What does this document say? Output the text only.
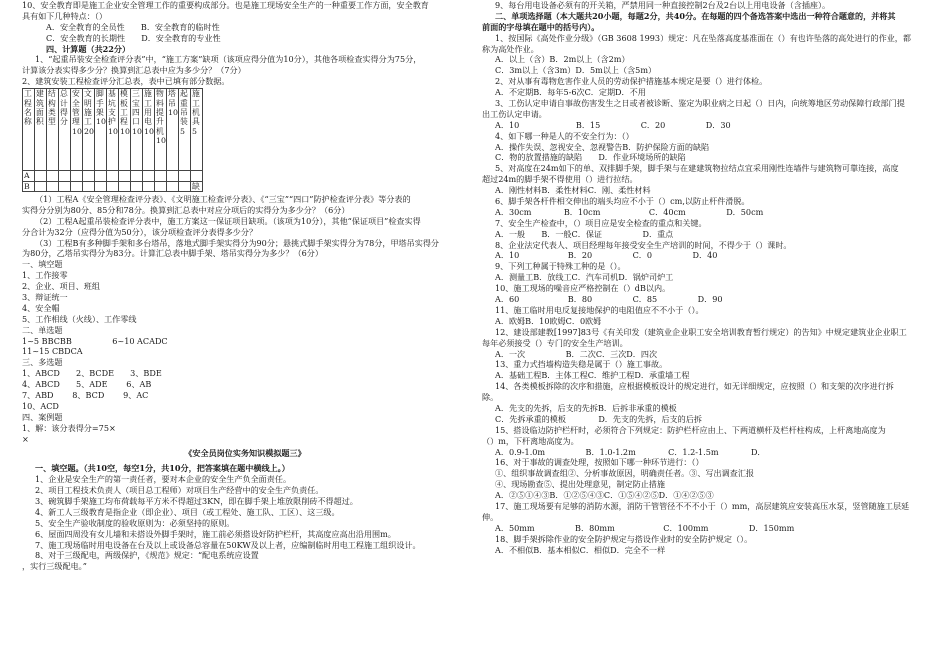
10、安全教育即是施工企业安全管理工作的重要构成部分。也是施工现场安全生产的一种重要工作方面，安全教育
具有如下几种特点：（）
A．安全教育的全员性　　B．安全教育的临时性
C．安全教育的长期性　　D．安全教育的专业性
四、计算题（共22分）
1、“起重吊装安全检查评分表”中，“施工方案”缺项（该项应得分值为10分），其他各项检查实得分为75分，
计算该分表实得多少分？换算到汇总表中应为多少分？（7分）
2、建筑安装工程检查评分汇总表，表中已填有部分数据。
工程名称	建筑面积	结构类型	总计得分	安全管理10	文明施工20	脚手架10	基坑支护10	模板工程10	三宝四口10	施工用电10	物料提升机10	塔吊10	起重吊装5	施工机具5
A														
B														缺
（1）工程A《安全管理检查评分表》、《文明施工检查评分表》、《“三宝”“四口”防护检查评分表》等分表的
实得分分别为80分、85分和78分。换算到汇总表中对应分项后的实得分为多少分？（6分）
（2）工程A起重吊装检查评分表中，施工方案这一保证项目缺项。（该项为10分），其他“保证项目”检查实得
分合计为32分（应得分值为50分），该分项检查评分表得多少分？
（3）工程B有多种脚手架和多台塔吊，落地式脚手架实得分为90分；悬挑式脚手架实得分为78分，甲塔吊实得分
为80分，乙塔吊实得分为83分。计算汇总表中脚手架、塔吊实得分为多少？（6分）
一、填空题
1、工作接零
2、企业、项目、班组
3、辩证统一
4、安全帽
5、工作相线（火线）、工作零线
二、单选题
1~5 BBCBB　　　　　6~10 ACADC
11~15 CBDCA
三、多选题
1、ABCD　　2、BCDE　　3、BDE
4、ABCD　　5、ADE　　 6、AB
7、ABD　　 8、BCD　　 9、AC
10、ACD
四、案例题
1、解：该分表得分=75×
×
《安全员岗位实务知识模拟题三》
一、填空题。（共10空，每空1分，共10分，把答案填在题中横线上。）
1、企业是安全生产的第一责任者，要对本企业的安全生产负全面责任。
2、项目工程技术负责人（项目总工程师）对项目生产经营中的安全生产负责任。
3、碗筑脚手架施工均布荷载每平方米不得超过3KN，即在脚手架上堆放限削砖不得超过。
4、新工人三级教育是指企业（即企业）、项目（或工程处、施工队、工区）、这三级。
5、安全生产验收制度的验收原则为：必须坚持的原则。
6、屋面四周没有女儿墙和未搭设外脚手架时，施工前必须搭设好防护栏杆，其高度应高出沿用围m。
7、施工现场临时用电设备在台及以上或设备总容量在50KW及以上者，应编制临时用电工程施工组织设计。
8、对于三级配电，两级保护，《规范》规定：“配电系统应设置
，实行三级配电。”
9、每台用电设备必须有的开关箱，严禁用同一种直接控制2台及2台以上用电设备（含插座）。
二、单项选择题（本大题共20小题，每题2分，共40分。在每题的四个备选答案中选出一种符合题意的，并将其
前面的字母填在题中的括号内）。
1、按国际《高处作业分级》（GB 3608 1993）规定：凡在坠落高度基准面在（）有也许坠落的高处进行的作业，都
称为高处作业。
A．以上（含）B．2m以上（含2m）
C．3m以上（含3m）D．5m以上（含5m）
2、对从事有毒物危害作业人员的劳动保护措施基本规定是要（）进行体检。
A．不定期B．每年5-6次C．定期D．不用
3、工伤认定申请自事故伤害发生之日或者被诊断、鉴定为职业病之日起（）日内，向统筹地区劳动保障行政部门提
出工伤认定申请。
A．10　　　　　　　B．15　　　　　C．20　　　　　D．30
4、如下哪一种是人的不安全行为：（）
A．操作失误、忽视安全、忽视警告B．防护保险方面的缺陷
C．物的放置措施的缺陷　　D．作业环境场所的缺陷
5、对高度在24m如下的单、双排脚手架，脚手架与在建建筑物拉结点宜采用刚性连墙件与建筑物可靠连接，高度
超过24m的脚手架不得使用（）进行拉结。
A．刚性材料B．柔性材料C．刚、柔性材料
6、脚手架各杆件相交伸出的端头均应不小于（）cm,以防止杆件滑脱。
A．30cm　　　　B．10cm　　　　　　C．40cm　　　　　D．50cm
7、安全生产检查中，（）项目应是安全检查的重点和关键。
A．一般　　B．一般C．保证　　　　　D．重点
8、企业法定代表人、项目经理每年接受安全生产培训的时间，不得少于（）课时。
A．10　　　　　　B．20　　　　　C．0　　　　　D．40
9、下列工种属于特殊工种的是（）。
A．测量工B．放线工C．汽车司机D．锅炉司炉工
10、施工现场的噪音应严格控制在（）dB以内。
A．60　　　　　　B．80　　　　　C．85　　　　　D．90
11、施工临时用电反复接地保护的电阻值应不不小于（）。
A．欧姆B．10欧姆C．0欧姆
12、建设部建教[1997]83号《有关印发（建筑业企业职工安全培训教育暂行规定）的告知》中规定建筑业企业职工
每年必须接受（）专门的安全生产培训。
A．一次　　　　　B．二次C．三次D．四次
13、重力式挡墙构造失稳是属于（）施工事故。
A．基础工程B．主体工程C．维护工程D．承重墙工程
14、各类模板拆除的次序和措施，应根据模板设计的规定进行，如无详细规定，应按照（）和支架的次序进行拆
除。
A．先支的先拆，后支的先拆B．后拆非承重的模板
C．先拆承重的模板　　　　D．先支的先拆，后支的后拆
15、搭设临边防护栏杆时，必须符合下列规定：防护栏杆应由上、下两道横杆及栏杆柱构成，上杆离地高度为
（）m，下杆离地高度为。
A．0.9-1.0m　　　　　B．1.0-1.2m　　　　C．1.2-1.5m　　　　D．
16、对于事故的调查处理，按照如下哪一种环节进行：（）
①、组织事故调查组②、分析事故原因，明确责任者。③、写出调查汇报
④、现场勘查⑤、提出处理意见，制定防止措施
A．②⑤①④③B．①②⑤④③C．①⑤④②⑤D．①④②⑤③
17、施工现场要有足够的消防水源，消防干管管径不不不小于（）mm，高层建筑应安装高压水泵，竖管随施工层延
伸。
A．50mm　　　　　B．80mm　　　　　　C．100mm　　　　　D．150mm
18、脚手架拆除作业的安全防护规定与搭设作业时的安全防护规定（）。
A．不相似B．基本相似C．相似D．完全不一样
